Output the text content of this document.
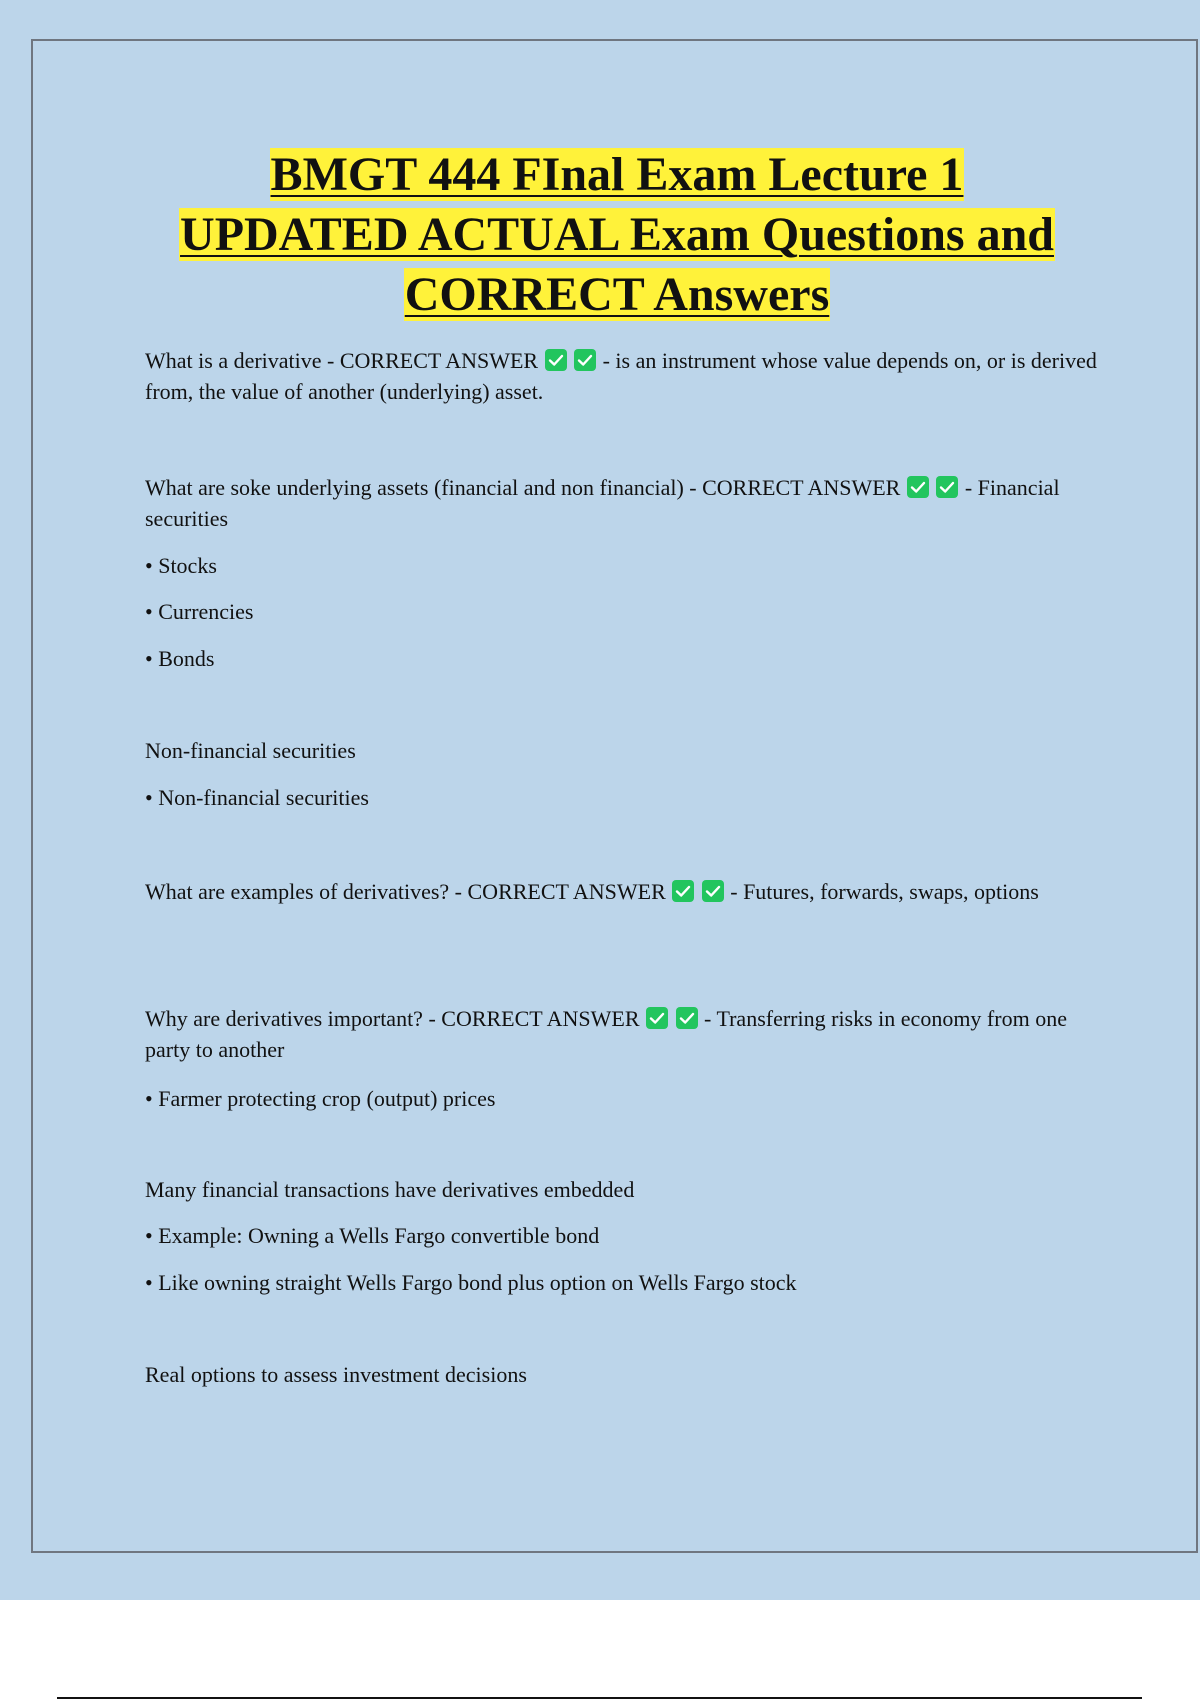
BMGT 444 FInal Exam Lecture 1
UPDATED ACTUAL Exam Questions and
CORRECT Answers

What is a derivative - CORRECT ANSWER	- is an instrument whose value depends on, or is derived from, the value of another (underlying) asset.

What are soke underlying assets (financial and non financial) - CORRECT ANSWER	- Financial securities

• Stocks

• Currencies

• Bonds

Non-financial securities

• Non-financial securities

What are examples of derivatives? - CORRECT ANSWER	- Futures, forwards, swaps, options

Why are derivatives important? - CORRECT ANSWER	- Transferring risks in economy from one party to another

• Farmer protecting crop (output) prices

Many financial transactions have derivatives embedded

• Example: Owning a Wells Fargo convertible bond

• Like owning straight Wells Fargo bond plus option on Wells Fargo stock

Real options to assess investment decisions
